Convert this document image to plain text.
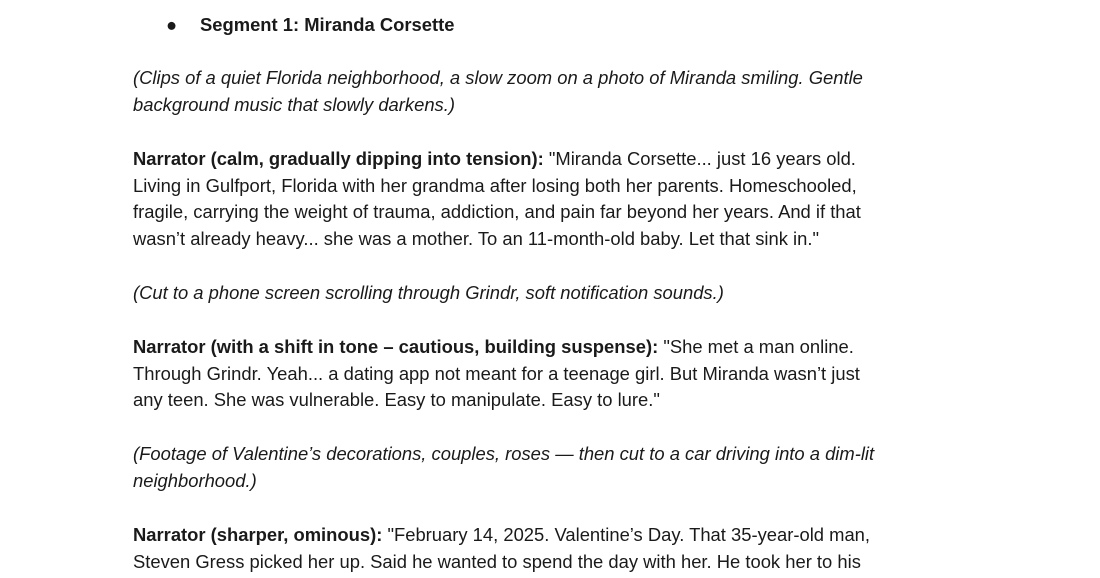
● Segment 1: Miranda Corsette
(Clips of a quiet Florida neighborhood, a slow zoom on a photo of Miranda smiling. Gentle
background music that slowly darkens.)
Narrator (calm, gradually dipping into tension): "Miranda Corsette... just 16 years old.
Living in Gulfport, Florida with her grandma after losing both her parents. Homeschooled,
fragile, carrying the weight of trauma, addiction, and pain far beyond her years. And if that
wasn’t already heavy... she was a mother. To an 11-month-old baby. Let that sink in."
(Cut to a phone screen scrolling through Grindr, soft notification sounds.)
Narrator (with a shift in tone – cautious, building suspense): "She met a man online.
Through Grindr. Yeah... a dating app not meant for a teenage girl. But Miranda wasn’t just
any teen. She was vulnerable. Easy to manipulate. Easy to lure."
(Footage of Valentine’s decorations, couples, roses — then cut to a car driving into a dim-lit
neighborhood.)
Narrator (sharper, ominous): "February 14, 2025. Valentine’s Day. That 35-year-old man,
Steven Gress picked her up. Said he wanted to spend the day with her. He took her to his
